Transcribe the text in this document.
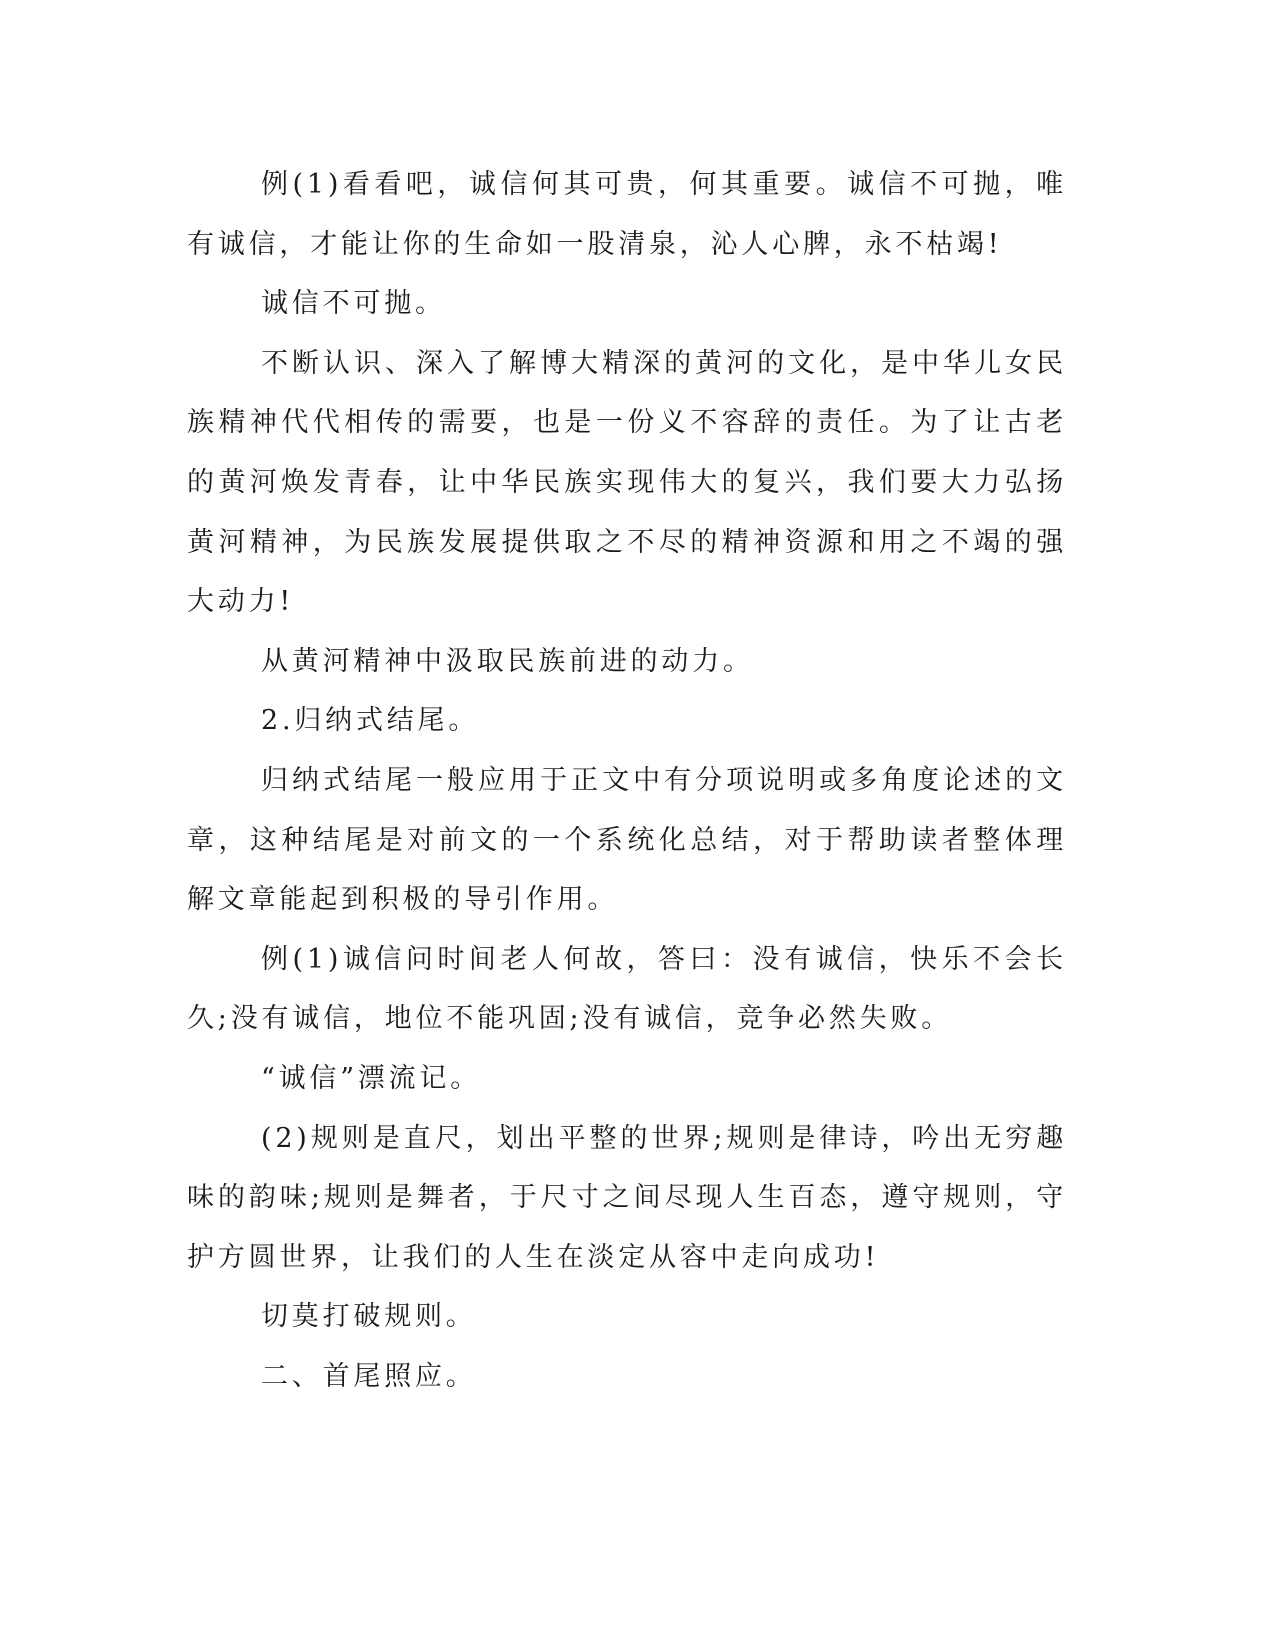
例(1)看看吧，诚信何其可贵，何其重要。诚信不可抛，唯有诚信，才能让你的生命如一股清泉，沁人心脾，永不枯竭!

诚信不可抛。

不断认识、深入了解博大精深的黄河的文化，是中华儿女民族精神代代相传的需要，也是一份义不容辞的责任。为了让古老的黄河焕发青春，让中华民族实现伟大的复兴，我们要大力弘扬黄河精神，为民族发展提供取之不尽的精神资源和用之不竭的强大动力!

从黄河精神中汲取民族前进的动力。

2.归纳式结尾。

归纳式结尾一般应用于正文中有分项说明或多角度论述的文章，这种结尾是对前文的一个系统化总结，对于帮助读者整体理解文章能起到积极的导引作用。

例(1)诚信问时间老人何故，答曰：没有诚信，快乐不会长久;没有诚信，地位不能巩固;没有诚信，竞争必然失败。

“诚信”漂流记。

(2)规则是直尺，划出平整的世界;规则是律诗，吟出无穷趣味的韵味;规则是舞者，于尺寸之间尽现人生百态，遵守规则，守护方圆世界，让我们的人生在淡定从容中走向成功!

切莫打破规则。

二、首尾照应。
